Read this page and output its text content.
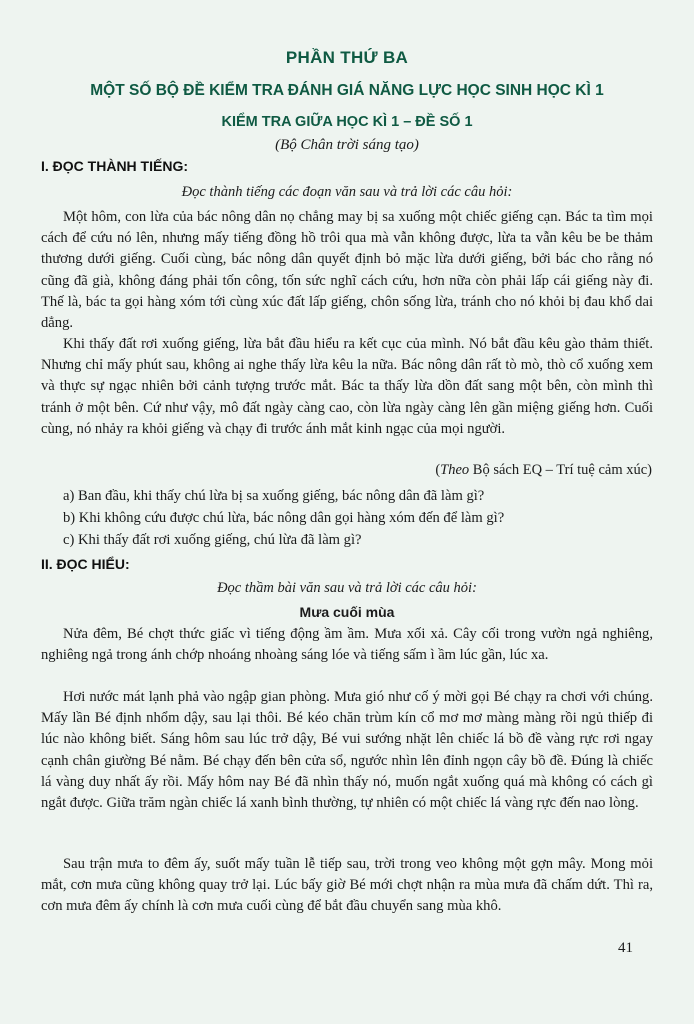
PHẦN THỨ BA
MỘT SỐ BỘ ĐỀ KIỂM TRA ĐÁNH GIÁ NĂNG LỰC HỌC SINH HỌC KÌ 1
KIỂM TRA GIỮA HỌC KÌ 1 – ĐỀ SỐ 1
(Bộ Chân trời sáng tạo)
I. ĐỌC THÀNH TIẾNG:
Đọc thành tiếng các đoạn văn sau và trả lời các câu hỏi:
Một hôm, con lừa của bác nông dân nọ chẳng may bị sa xuống một chiếc giếng cạn. Bác ta tìm mọi cách để cứu nó lên, nhưng mấy tiếng đồng hồ trôi qua mà vẫn không được, lừa ta vẫn kêu be be thảm thương dưới giếng. Cuối cùng, bác nông dân quyết định bỏ mặc lừa dưới giếng, bởi bác cho rằng nó cũng đã già, không đáng phải tốn công, tốn sức nghĩ cách cứu, hơn nữa còn phải lấp cái giếng này đi. Thế là, bác ta gọi hàng xóm tới cùng xúc đất lấp giếng, chôn sống lừa, tránh cho nó khỏi bị đau khổ dai dẳng.
Khi thấy đất rơi xuống giếng, lừa bắt đầu hiểu ra kết cục của mình. Nó bắt đầu kêu gào thảm thiết. Nhưng chỉ mấy phút sau, không ai nghe thấy lừa kêu la nữa. Bác nông dân rất tò mò, thò cổ xuống xem và thực sự ngạc nhiên bởi cảnh tượng trước mắt. Bác ta thấy lừa dồn đất sang một bên, còn mình thì tránh ở một bên. Cứ như vậy, mô đất ngày càng cao, còn lừa ngày càng lên gần miệng giếng hơn. Cuối cùng, nó nhảy ra khỏi giếng và chạy đi trước ánh mắt kinh ngạc của mọi người.
(Theo Bộ sách EQ – Trí tuệ cảm xúc)
a) Ban đầu, khi thấy chú lừa bị sa xuống giếng, bác nông dân đã làm gì?
b) Khi không cứu được chú lừa, bác nông dân gọi hàng xóm đến để làm gì?
c) Khi thấy đất rơi xuống giếng, chú lừa đã làm gì?
II. ĐỌC HIỂU:
Đọc thầm bài văn sau và trả lời các câu hỏi:
Mưa cuối mùa
Nửa đêm, Bé chợt thức giấc vì tiếng động ầm ầm. Mưa xối xả. Cây cối trong vườn ngả nghiêng, nghiêng ngả trong ánh chớp nhoáng nhoàng sáng lóe và tiếng sấm ì ầm lúc gần, lúc xa.
Hơi nước mát lạnh phả vào ngập gian phòng. Mưa gió như cố ý mời gọi Bé chạy ra chơi với chúng. Mấy lần Bé định nhổm dậy, sau lại thôi. Bé kéo chăn trùm kín cổ mơ mơ màng màng rồi ngủ thiếp đi lúc nào không biết. Sáng hôm sau lúc trở dậy, Bé vui sướng nhặt lên chiếc lá bồ đề vàng rực rơi ngay cạnh chân giường Bé nằm. Bé chạy đến bên cửa sổ, ngước nhìn lên đỉnh ngọn cây bồ đề. Đúng là chiếc lá vàng duy nhất ấy rồi. Mấy hôm nay Bé đã nhìn thấy nó, muốn ngắt xuống quá mà không có cách gì ngắt được. Giữa trăm ngàn chiếc lá xanh bình thường, tự nhiên có một chiếc lá vàng rực đến nao lòng.
Sau trận mưa to đêm ấy, suốt mấy tuần lễ tiếp sau, trời trong veo không một gợn mây. Mong mỏi mắt, cơn mưa cũng không quay trở lại. Lúc bấy giờ Bé mới chợt nhận ra mùa mưa đã chấm dứt. Thì ra, cơn mưa đêm ấy chính là cơn mưa cuối cùng để bắt đầu chuyển sang mùa khô.
41
